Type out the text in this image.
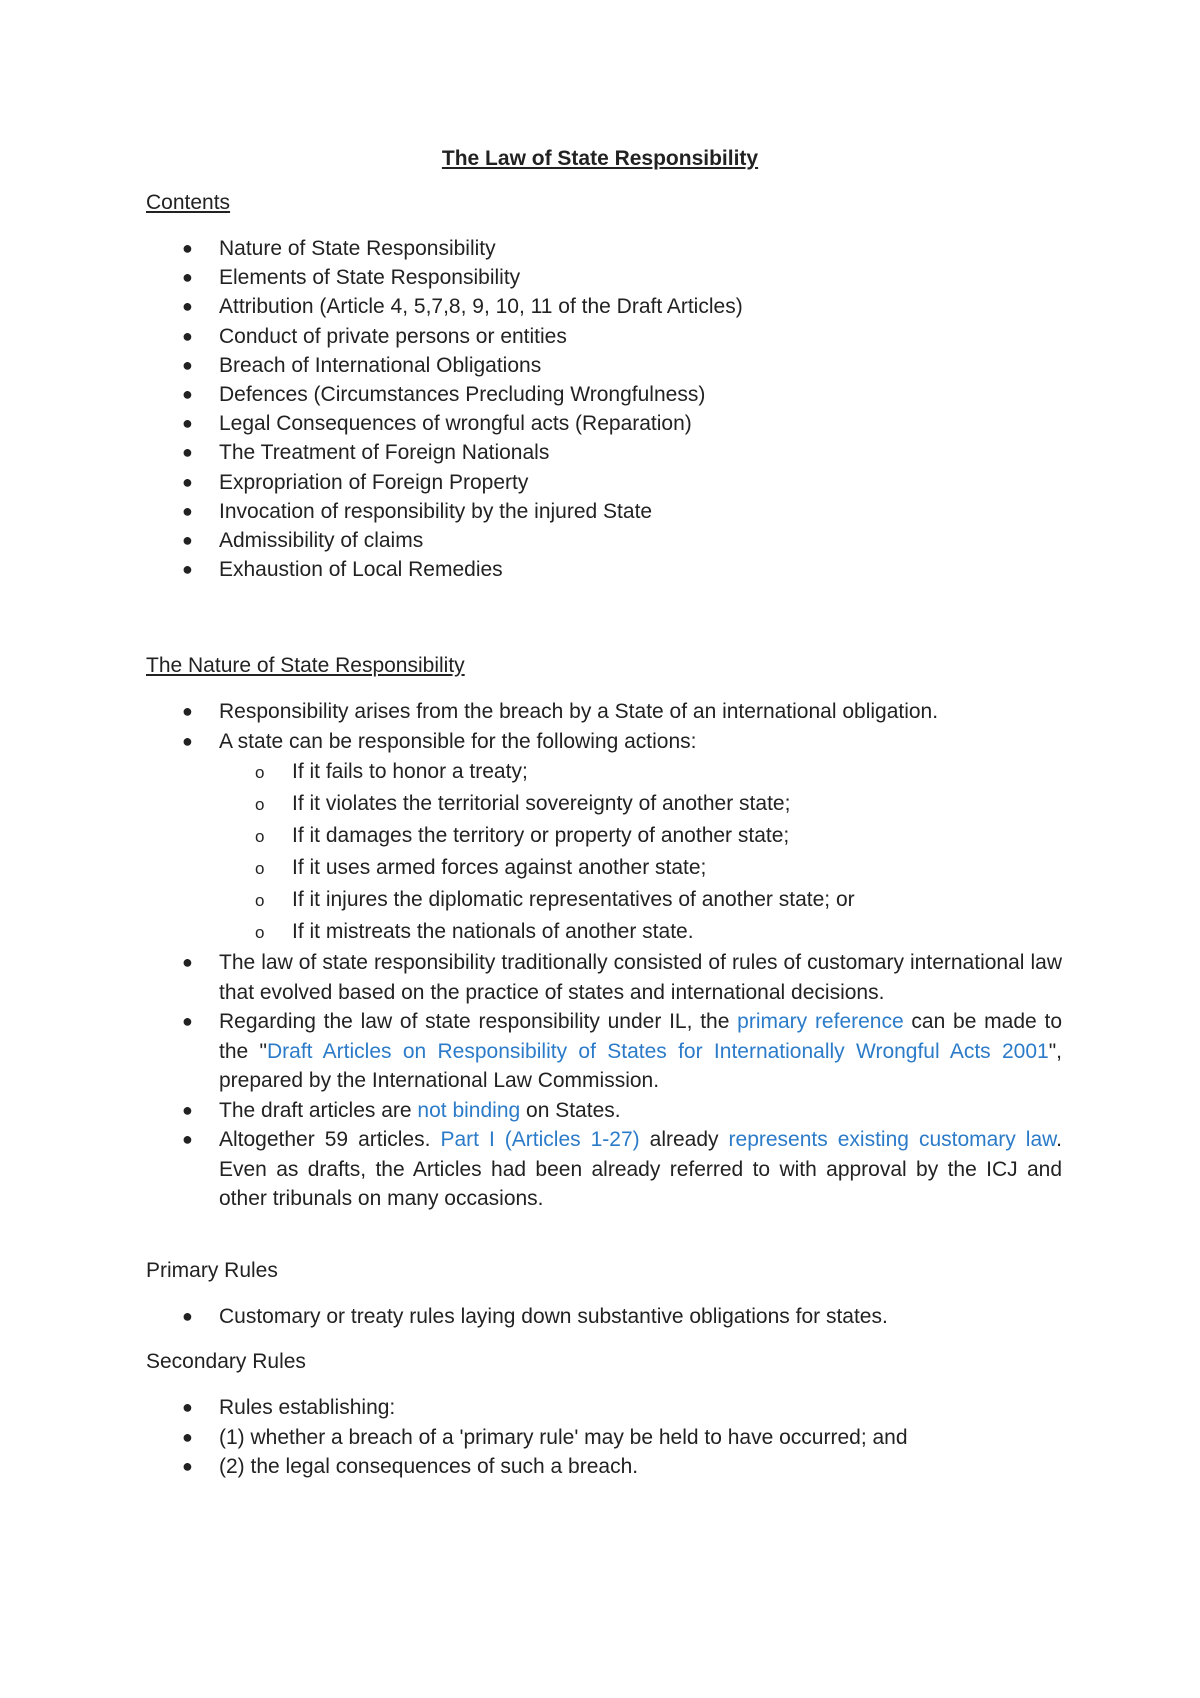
The Law of State Responsibility
Contents
● Nature of State Responsibility
● Elements of State Responsibility
● Attribution (Article 4, 5,7,8, 9, 10, 11 of the Draft Articles)
● Conduct of private persons or entities
● Breach of International Obligations
● Defences (Circumstances Precluding Wrongfulness)
● Legal Consequences of wrongful acts (Reparation)
● The Treatment of Foreign Nationals
● Expropriation of Foreign Property
● Invocation of responsibility by the injured State
● Admissibility of claims
● Exhaustion of Local Remedies
The Nature of State Responsibility
● Responsibility arises from the breach by a State of an international obligation.
● A state can be responsible for the following actions:
o If it fails to honor a treaty;
o If it violates the territorial sovereignty of another state;
o If it damages the territory or property of another state;
o If it uses armed forces against another state;
o If it injures the diplomatic representatives of another state; or
o If it mistreats the nationals of another state.
● The law of state responsibility traditionally consisted of rules of customary international law that evolved based on the practice of states and international decisions.
● Regarding the law of state responsibility under IL, the primary reference can be made to the "Draft Articles on Responsibility of States for Internationally Wrongful Acts 2001", prepared by the International Law Commission.
● The draft articles are not binding on States.
● Altogether 59 articles. Part I (Articles 1-27) already represents existing customary law. Even as drafts, the Articles had been already referred to with approval by the ICJ and other tribunals on many occasions.
Primary Rules
● Customary or treaty rules laying down substantive obligations for states.
Secondary Rules
● Rules establishing:
● (1) whether a breach of a 'primary rule' may be held to have occurred; and
● (2) the legal consequences of such a breach.
